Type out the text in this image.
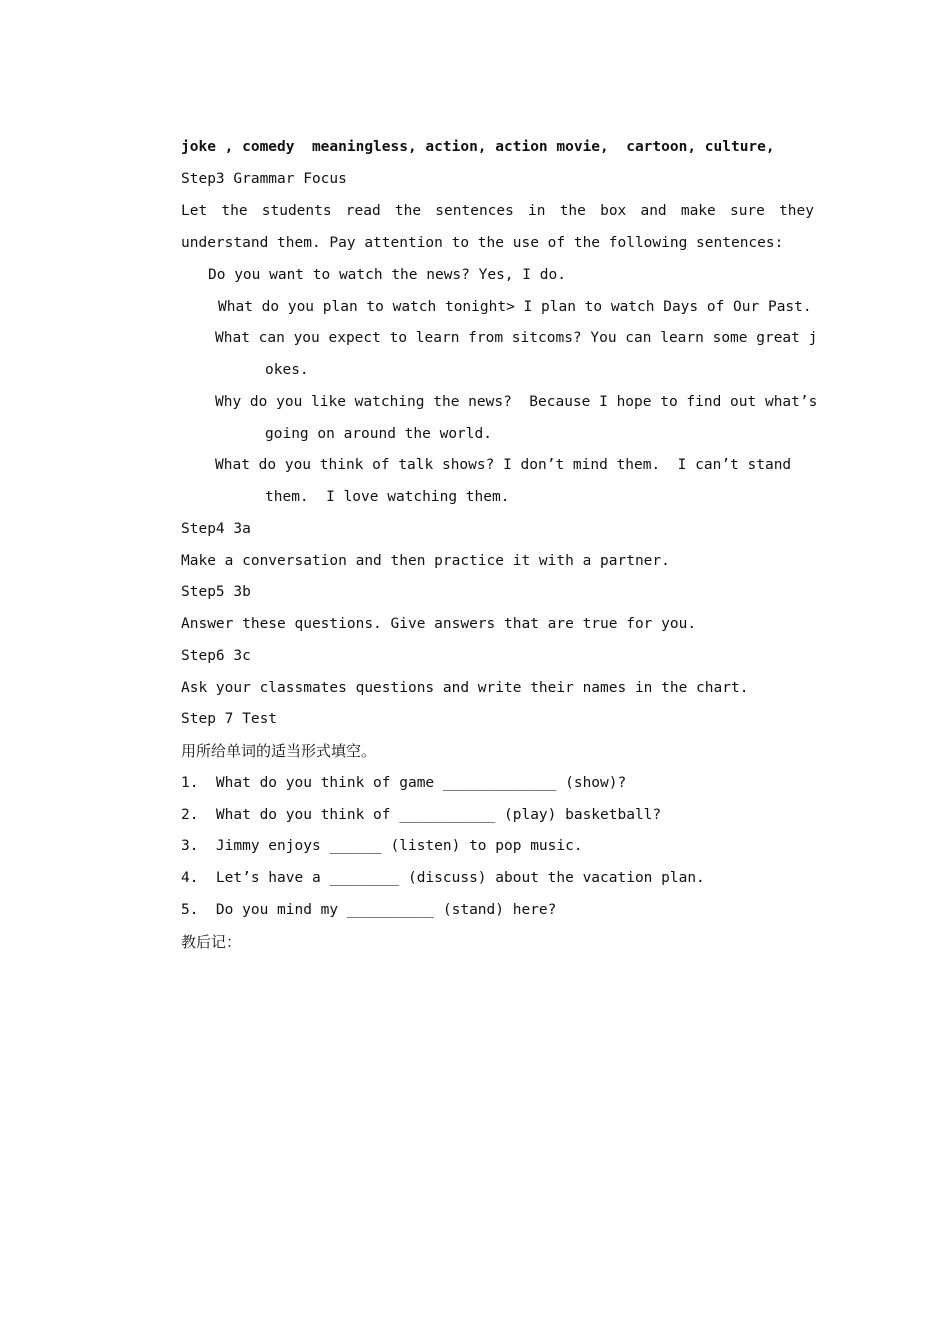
joke , comedy  meaningless, action, action movie,  cartoon, culture,
Step3 Grammar Focus
Let the students read the sentences in the box and make sure they
understand them. Pay attention to the use of the following sentences:
Do you want to watch the news? Yes, I do.
What do you plan to watch tonight> I plan to watch Days of Our Past.
What can you expect to learn from sitcoms? You can learn some great j
okes.
Why do you like watching the news?  Because I hope to find out what’s
going on around the world.
What do you think of talk shows? I don’t mind them.  I can’t stand
them.  I love watching them.
Step4 3a
Make a conversation and then practice it with a partner.
Step5 3b
Answer these questions. Give answers that are true for you.
Step6 3c
Ask your classmates questions and write their names in the chart.
Step 7 Test
用所给单词的适当形式填空。
1.  What do you think of game _____________ (show)?
2.  What do you think of ___________ (play) basketball?
3.  Jimmy enjoys ______ (listen) to pop music.
4.  Let’s have a ________ (discuss) about the vacation plan.
5.  Do you mind my __________ (stand) here?
教后记：
